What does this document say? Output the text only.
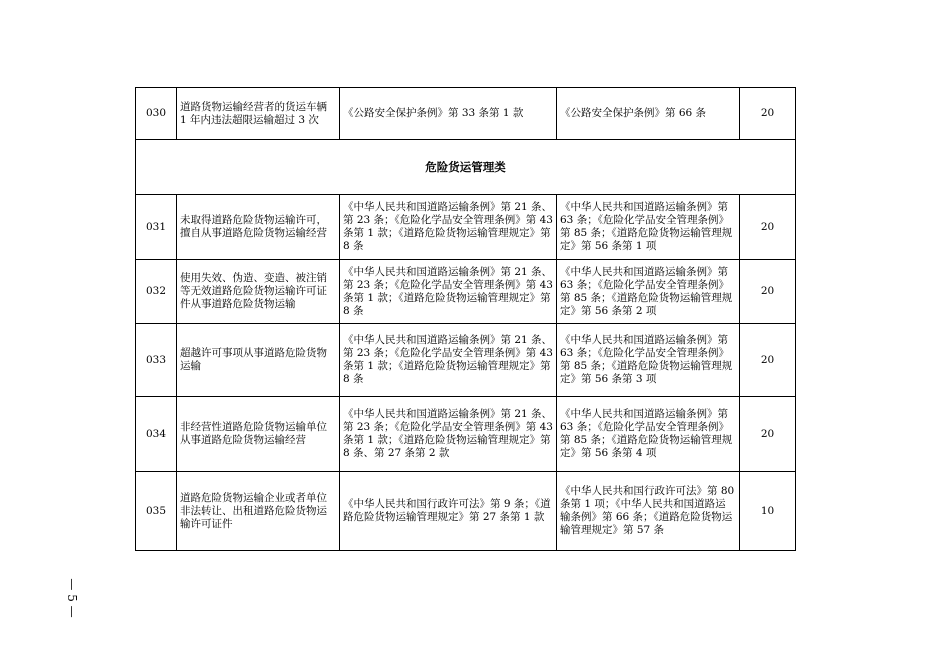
030	道路货物运输经营者的货运车辆 1 年内违法超限运输超过 3 次	《公路安全保护条例》第 33 条第 1 款	《公路安全保护条例》第 66 条	20
危险货运管理类				
031	未取得道路危险货物运输许可，擅自从事道路危险货物运输经营	《中华人民共和国道路运输条例》第 21 条、第 23 条；《危险化学品安全管理条例》第 43 条第 1 款；《道路危险货物运输管理规定》第 8 条	《中华人民共和国道路运输条例》第 63 条；《危险化学品安全管理条例》第 85 条；《道路危险货物运输管理规定》第 56 条第 1 项	20
032	使用失效、伪造、变造、被注销等无效道路危险货物运输许可证件从事道路危险货物运输	《中华人民共和国道路运输条例》第 21 条、第 23 条；《危险化学品安全管理条例》第 43 条第 1 款；《道路危险货物运输管理规定》第 8 条	《中华人民共和国道路运输条例》第 63 条；《危险化学品安全管理条例》第 85 条；《道路危险货物运输管理规定》第 56 条第 2 项	20
033	超越许可事项从事道路危险货物运输	《中华人民共和国道路运输条例》第 21 条、第 23 条；《危险化学品安全管理条例》第 43 条第 1 款；《道路危险货物运输管理规定》第 8 条	《中华人民共和国道路运输条例》第 63 条；《危险化学品安全管理条例》第 85 条；《道路危险货物运输管理规定》第 56 条第 3 项	20
034	非经营性道路危险货物运输单位从事道路危险货物运输经营	《中华人民共和国道路运输条例》第 21 条、第 23 条；《危险化学品安全管理条例》第 43 条第 1 款；《道路危险货物运输管理规定》第 8 条、第 27 条第 2 款	《中华人民共和国道路运输条例》第 63 条；《危险化学品安全管理条例》第 85 条；《道路危险货物运输管理规定》第 56 条第 4 项	20
035	道路危险货物运输企业或者单位非法转让、出租道路危险货物运输许可证件	《中华人民共和国行政许可法》第 9 条；《道路危险货物运输管理规定》第 27 条第 1 款	《中华人民共和国行政许可法》第 80 条第 1 项；《中华人民共和国道路运输条例》第 66 条；《道路危险货物运输管理规定》第 57 条	10
— 5 —
